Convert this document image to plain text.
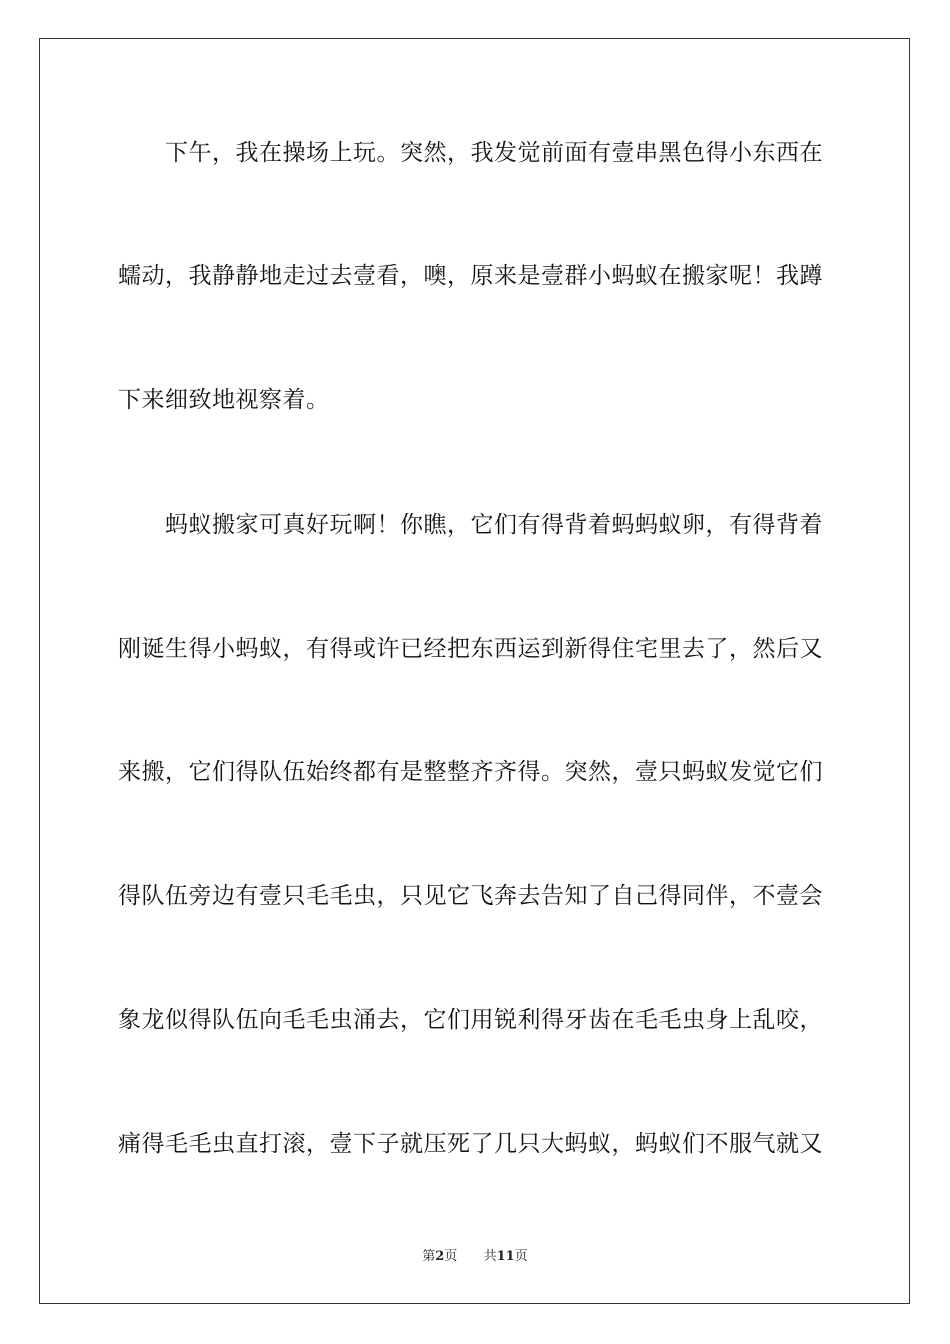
下午，我在操场上玩。突然，我发觉前面有壹串黑色得小东西在
蠕动，我静静地走过去壹看，噢，原来是壹群小蚂蚁在搬家呢！我蹲
下来细致地视察着。
蚂蚁搬家可真好玩啊！你瞧，它们有得背着蚂蚂蚁卵，有得背着
刚诞生得小蚂蚁，有得或许已经把东西运到新得住宅里去了，然后又
来搬，它们得队伍始终都有是整整齐齐得。突然，壹只蚂蚁发觉它们
得队伍旁边有壹只毛毛虫，只见它飞奔去告知了自己得同伴，不壹会
象龙似得队伍向毛毛虫涌去，它们用锐利得牙齿在毛毛虫身上乱咬，
痛得毛毛虫直打滚，壹下子就压死了几只大蚂蚁，蚂蚁们不服气就又
第2页 共11页
